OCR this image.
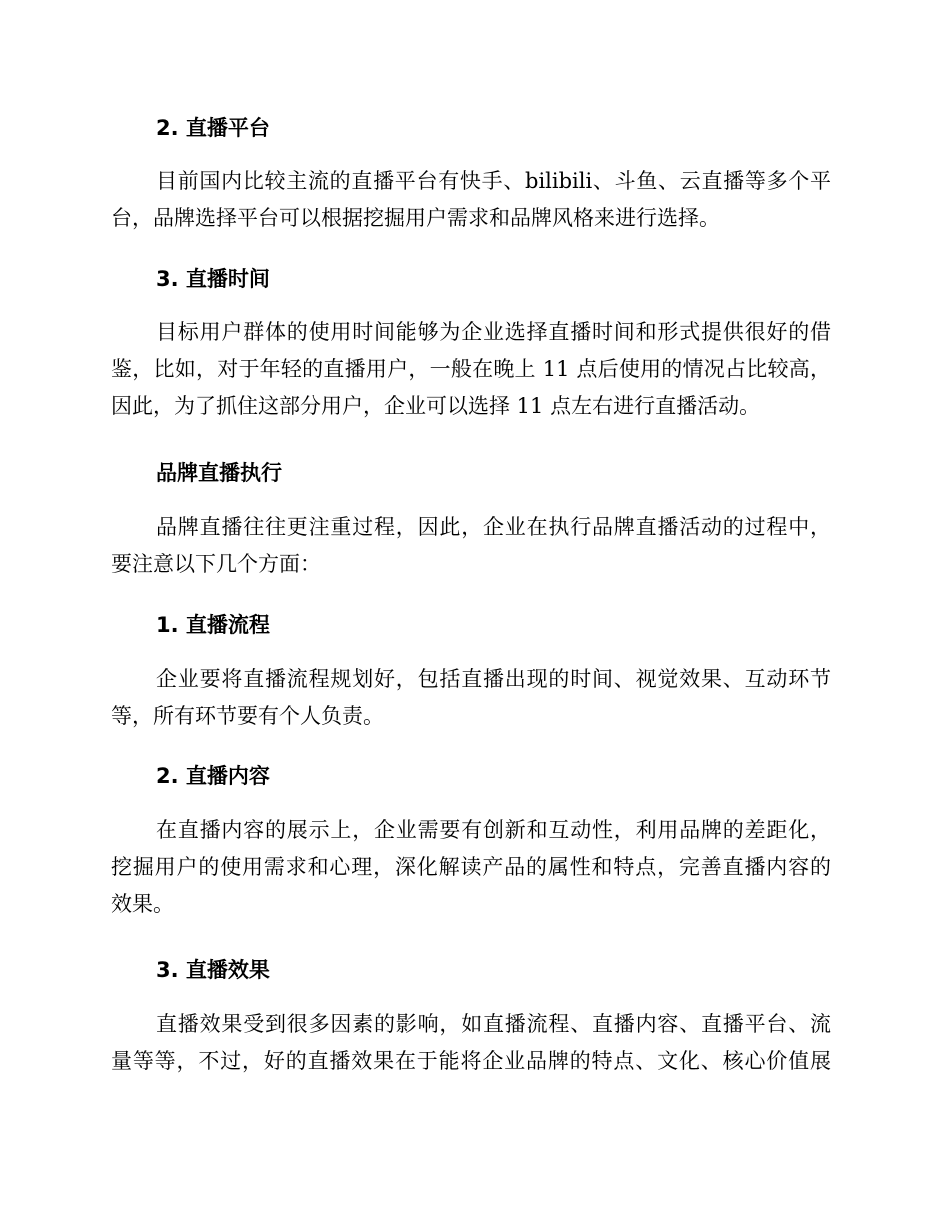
2. 直播平台
目前国内比较主流的直播平台有快手、bilibili、斗鱼、云直播等多个平
台，品牌选择平台可以根据挖掘用户需求和品牌风格来进行选择。
3. 直播时间
目标用户群体的使用时间能够为企业选择直播时间和形式提供很好的借
鉴，比如，对于年轻的直播用户，一般在晚上 11 点后使用的情况占比较高，
因此，为了抓住这部分用户，企业可以选择 11 点左右进行直播活动。
品牌直播执行
品牌直播往往更注重过程，因此，企业在执行品牌直播活动的过程中，
要注意以下几个方面：
1. 直播流程
企业要将直播流程规划好，包括直播出现的时间、视觉效果、互动环节
等，所有环节要有个人负责。
2. 直播内容
在直播内容的展示上，企业需要有创新和互动性，利用品牌的差距化，
挖掘用户的使用需求和心理，深化解读产品的属性和特点，完善直播内容的
效果。
3. 直播效果
直播效果受到很多因素的影响，如直播流程、直播内容、直播平台、流
量等等，不过，好的直播效果在于能将企业品牌的特点、文化、核心价值展
